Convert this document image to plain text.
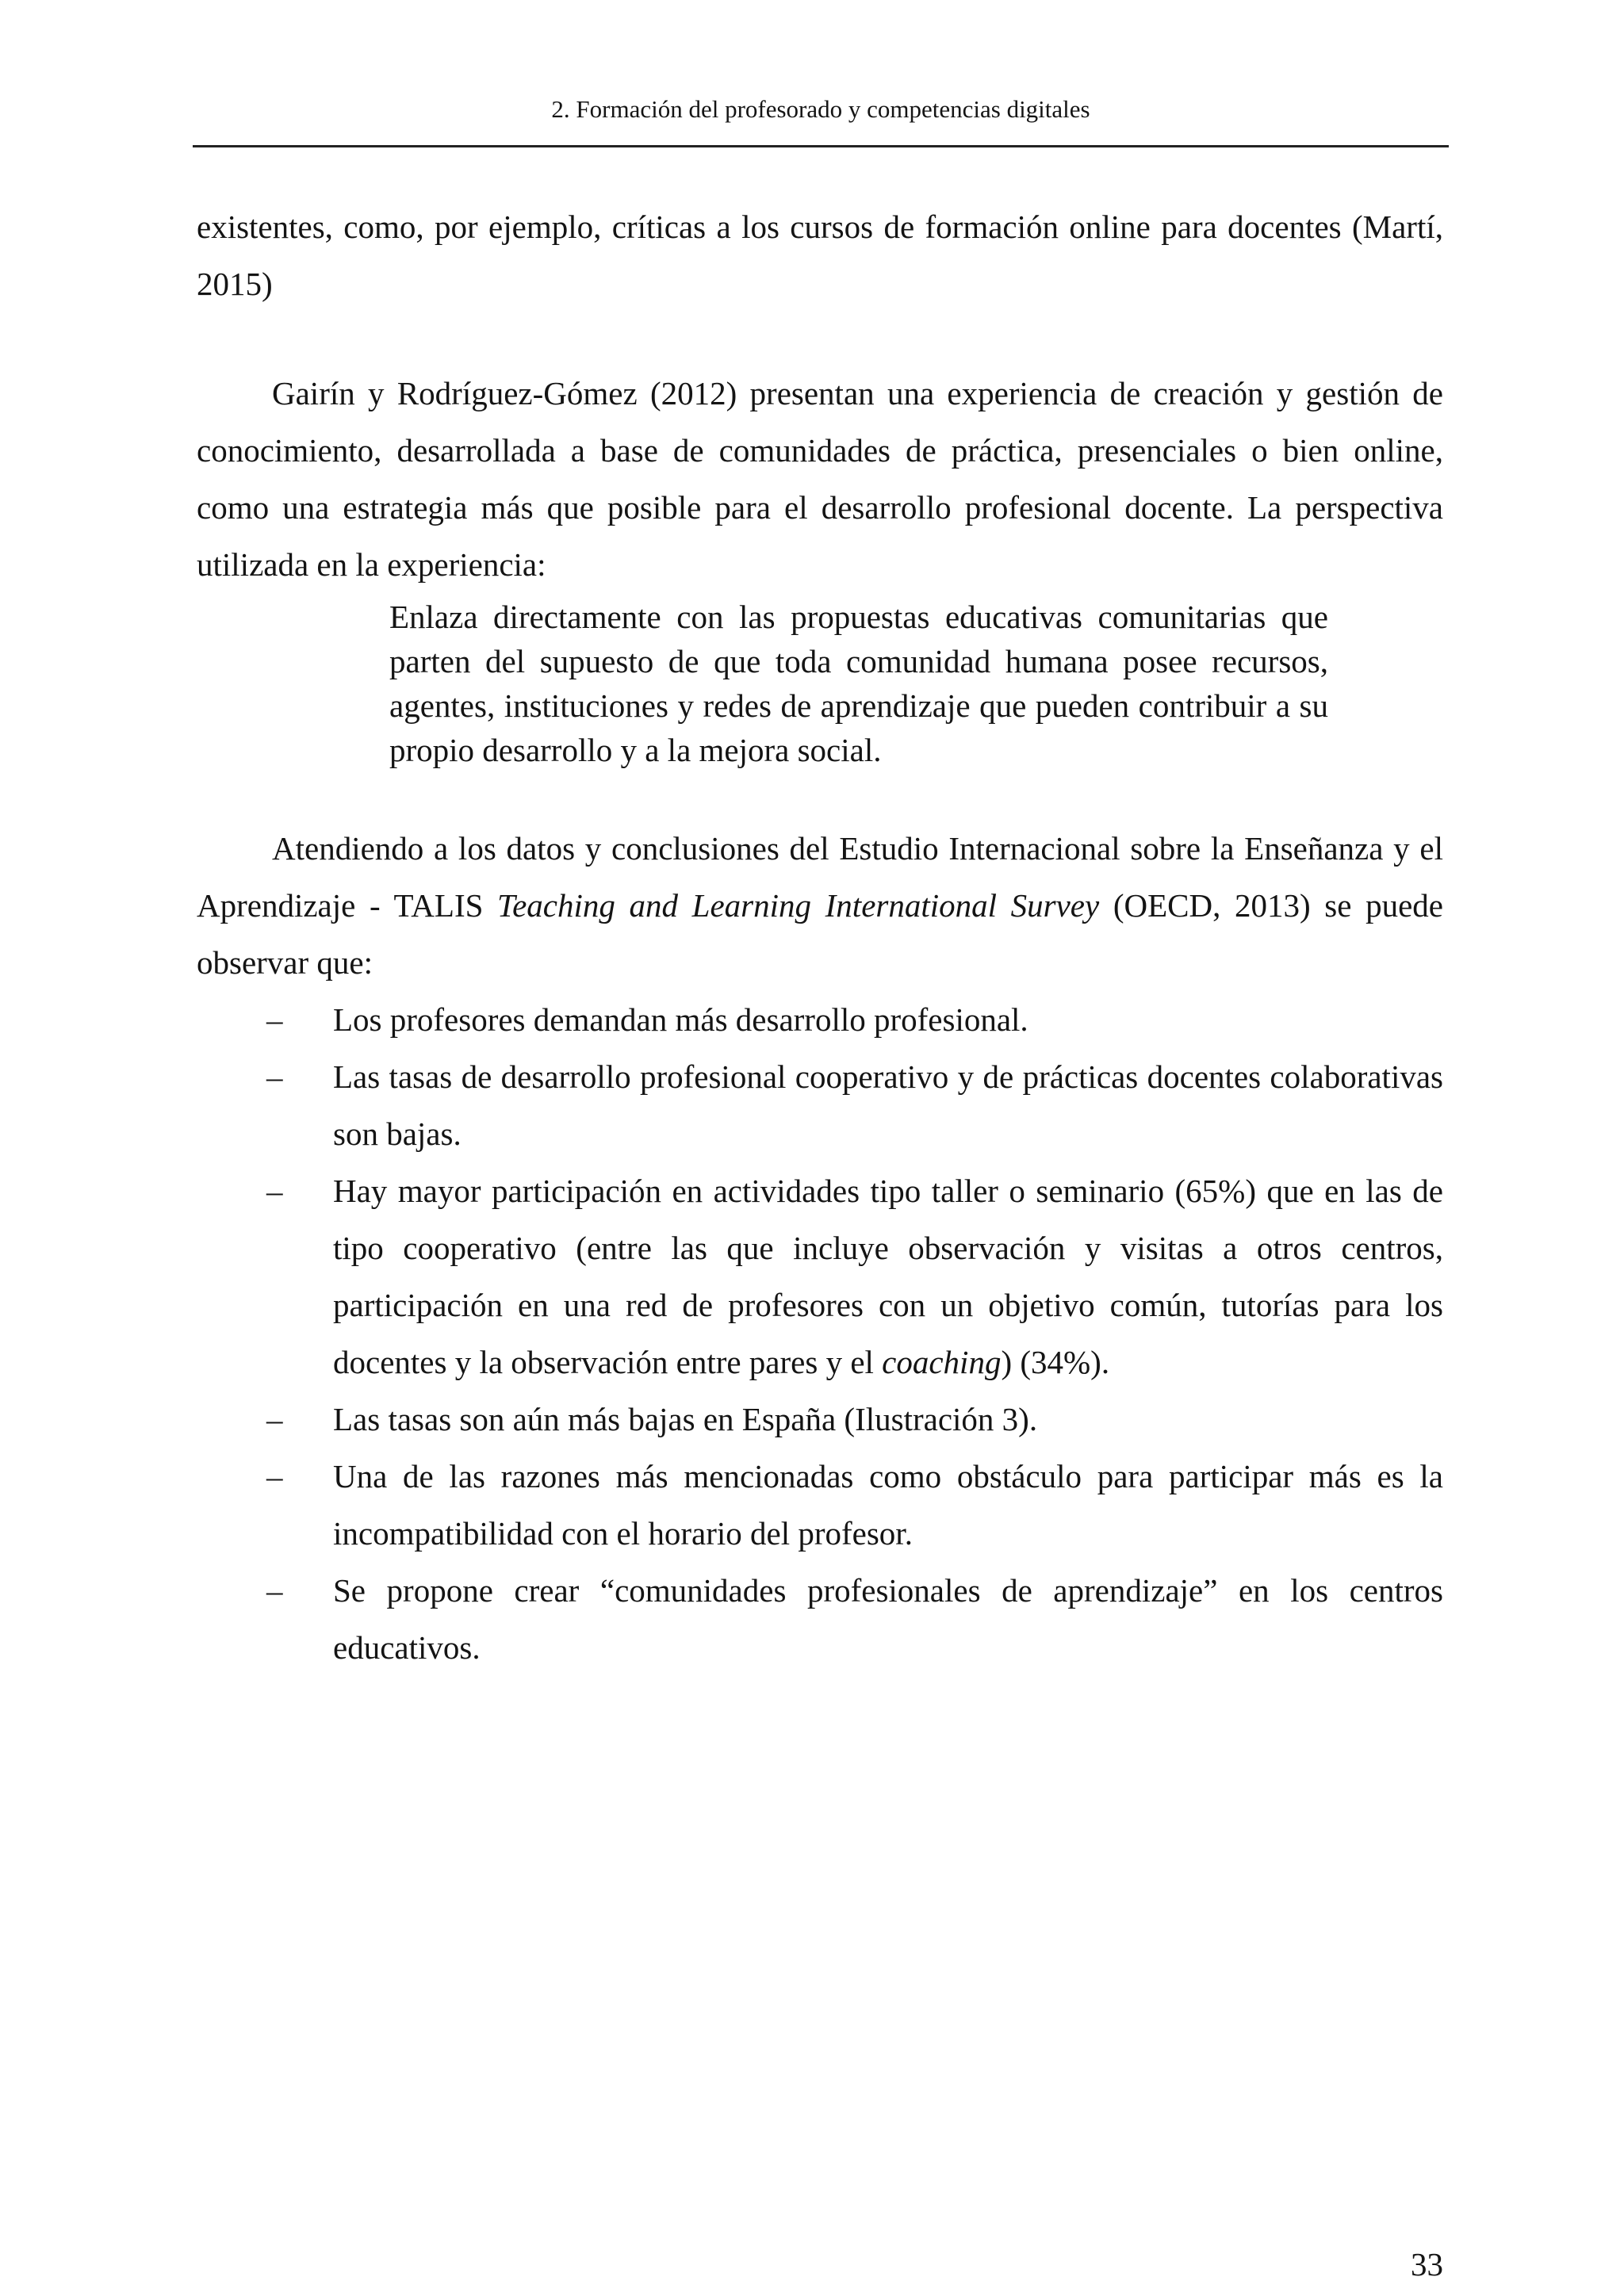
2. Formación del profesorado y competencias digitales

existentes, como, por ejemplo, críticas a los cursos de formación online para docentes (Martí, 2015)

Gairín y Rodríguez-Gómez (2012) presentan una experiencia de creación y gestión de conocimiento, desarrollada a base de comunidades de práctica, presenciales o bien online, como una estrategia más que posible para el desarrollo profesional docente. La perspectiva utilizada en la experiencia:

Enlaza directamente con las propuestas educativas comunitarias que parten del supuesto de que toda comunidad humana posee recursos, agentes, instituciones y redes de aprendizaje que pueden contribuir a su propio desarrollo y a la mejora social.

Atendiendo a los datos y conclusiones del Estudio Internacional sobre la Enseñanza y el Aprendizaje - TALIS Teaching and Learning International Survey (OECD, 2013) se puede observar que:

– Los profesores demandan más desarrollo profesional.
– Las tasas de desarrollo profesional cooperativo y de prácticas docentes colaborativas son bajas.
– Hay mayor participación en actividades tipo taller o seminario (65%) que en las de tipo cooperativo (entre las que incluye observación y visitas a otros centros, participación en una red de profesores con un objetivo común, tutorías para los docentes y la observación entre pares y el coaching) (34%).
– Las tasas son aún más bajas en España (Ilustración 3).
– Una de las razones más mencionadas como obstáculo para participar más es la incompatibilidad con el horario del profesor.
– Se propone crear “comunidades profesionales de aprendizaje” en los centros educativos.
33
